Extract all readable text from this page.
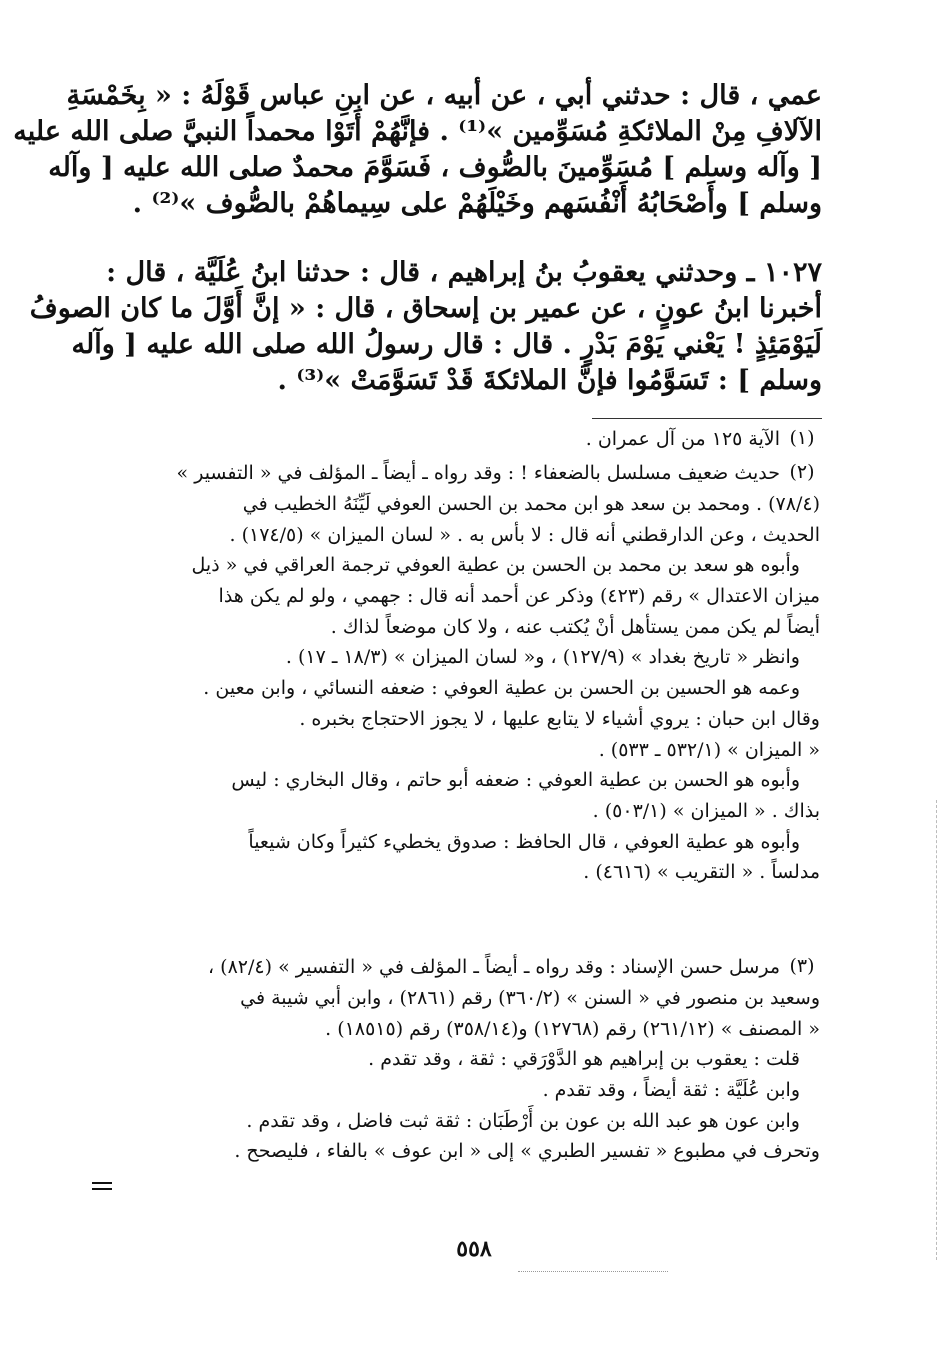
عمي ، قال : حدثني أبي ، عن أبيه ، عن ابنِ عباس قَوْلَهُ : « بِخَمْسَةِ
الآلافِ مِنْ الملائكةِ مُسَوِّمين »⁽¹⁾ . فإنَّهُمْ أَتَوْا محمداً النبيَّ صلى الله عليه
[ وآله وسلم ] مُسَوِّمينَ بالصُّوف ، فَسَوَّمَ محمدٌ صلى الله عليه [ وآله
وسلم ] وأَصْحَابُهُ أَنْفُسَهم وخَيْلَهُمْ على سِيماهُمْ بالصُّوف »⁽²⁾ .
١٠٢٧ ـ وحدثني يعقوبُ بنُ إبراهيم ، قال : حدثنا ابنُ عُلَيَّة ، قال :
أخبرنا ابنُ عونٍ ، عن عمير بن إسحاق ، قال : « إنَّ أَوَّلَ ما كان الصوفُ
لَيَوْمَئِذٍ ! يَعْني يَوْمَ بَدْرٍ . قال : قال رسولُ الله صلى الله عليه [ وآله
وسلم ] : تَسَوَّمُوا فإنَّ الملائكةَ قَدْ تَسَوَّمَتْ »⁽³⁾ .
(١)
الآية ١٢٥ من آل عمران .
(٢)
حديث ضعيف مسلسل بالضعفاء ! : وقد رواه ـ أيضاً ـ المؤلف في « التفسير »
(٧٨/٤) . ومحمد بن سعد هو ابن محمد بن الحسن العوفي لَيِّنَهُ الخطيب في
الحديث ، وعن الدارقطني أنه قال : لا بأس به . « لسان الميزان » (١٧٤/٥) .
وأبوه هو سعد بن محمد بن الحسن بن عطية العوفي ترجمة العراقي في « ذيل
ميزان الاعتدال » رقم (٤٢٣) وذكر عن أحمد أنه قال : جهمي ، ولو لم يكن هذا
أيضاً لم يكن ممن يستأهل أنْ يُكتب عنه ، ولا كان موضعاً لذاك .
وانظر « تاريخ بغداد » (١٢٧/٩) ، و« لسان الميزان » (١٨/٣ ـ ١٧) .
وعمه هو الحسين بن الحسن بن عطية العوفي : ضعفه النسائي ، وابن معين .
وقال ابن حبان : يروي أشياء لا يتابع عليها ، لا يجوز الاحتجاج بخبره .
« الميزان » (٥٣٢/١ ـ ٥٣٣) .
وأبوه هو الحسن بن عطية العوفي : ضعفه أبو حاتم ، وقال البخاري : ليس
بذاك . « الميزان » (٥٠٣/١) .
وأبوه هو عطية العوفي ، قال الحافظ : صدوق يخطيء كثيراً وكان شيعياً
مدلساً . « التقريب » (٤٦١٦) .
(٣)
مرسل حسن الإسناد : وقد رواه ـ أيضاً ـ المؤلف في « التفسير » (٨٢/٤) ،
وسعيد بن منصور في « السنن » (٣٦٠/٢) رقم (٢٨٦١) ، وابن أبي شيبة في
« المصنف » (٢٦١/١٢) رقم (١٢٧٦٨) و(٣٥٨/١٤) رقم (١٨٥١٥) .
قلت : يعقوب بن إبراهيم هو الدَّوْرَقي : ثقة ، وقد تقدم .
وابن عُلَيَّة : ثقة أيضاً ، وقد تقدم .
وابن عون هو عبد الله بن عون بن أَرْطَبَان : ثقة ثبت فاضل ، وقد تقدم .
وتحرف في مطبوع « تفسير الطبري » إلى « ابن عوف » بالفاء ، فليصحح .
٥٥٨
